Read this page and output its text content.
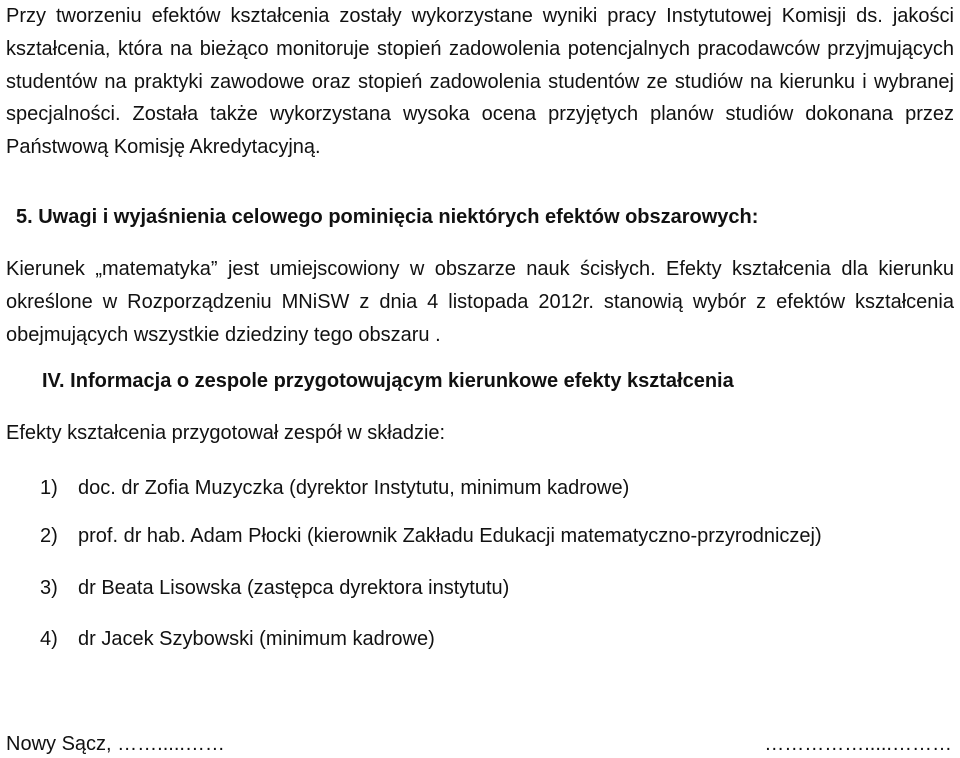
Przy tworzeniu efektów kształcenia zostały wykorzystane wyniki pracy Instytutowej Komisji ds. jakości kształcenia, która na bieżąco monitoruje stopień zadowolenia potencjalnych pracodawców przyjmujących studentów na praktyki zawodowe oraz stopień zadowolenia studentów ze studiów na kierunku i wybranej specjalności. Została także wykorzystana wysoka ocena przyjętych planów studiów dokonana przez Państwową Komisję Akredytacyjną.

5. Uwagi i wyjaśnienia celowego pominięcia niektórych efektów obszarowych:

Kierunek „matematyka” jest umiejscowiony w obszarze nauk ścisłych. Efekty kształcenia dla kierunku określone w Rozporządzeniu MNiSW z dnia 4 listopada 2012r. stanowią wybór z efektów kształcenia obejmujących wszystkie dziedziny tego obszaru .

IV. Informacja o zespole przygotowującym kierunkowe efekty kształcenia

Efekty kształcenia przygotował zespół w składzie:

1) doc. dr Zofia Muzyczka (dyrektor Instytutu, minimum kadrowe)

2) prof. dr hab. Adam Płocki (kierownik Zakładu Edukacji matematyczno-przyrodniczej)

3) dr Beata Lisowska (zastępca dyrektora instytutu)

4) dr Jacek Szybowski (minimum kadrowe)

Nowy Sącz, …….....……	…………….....………
